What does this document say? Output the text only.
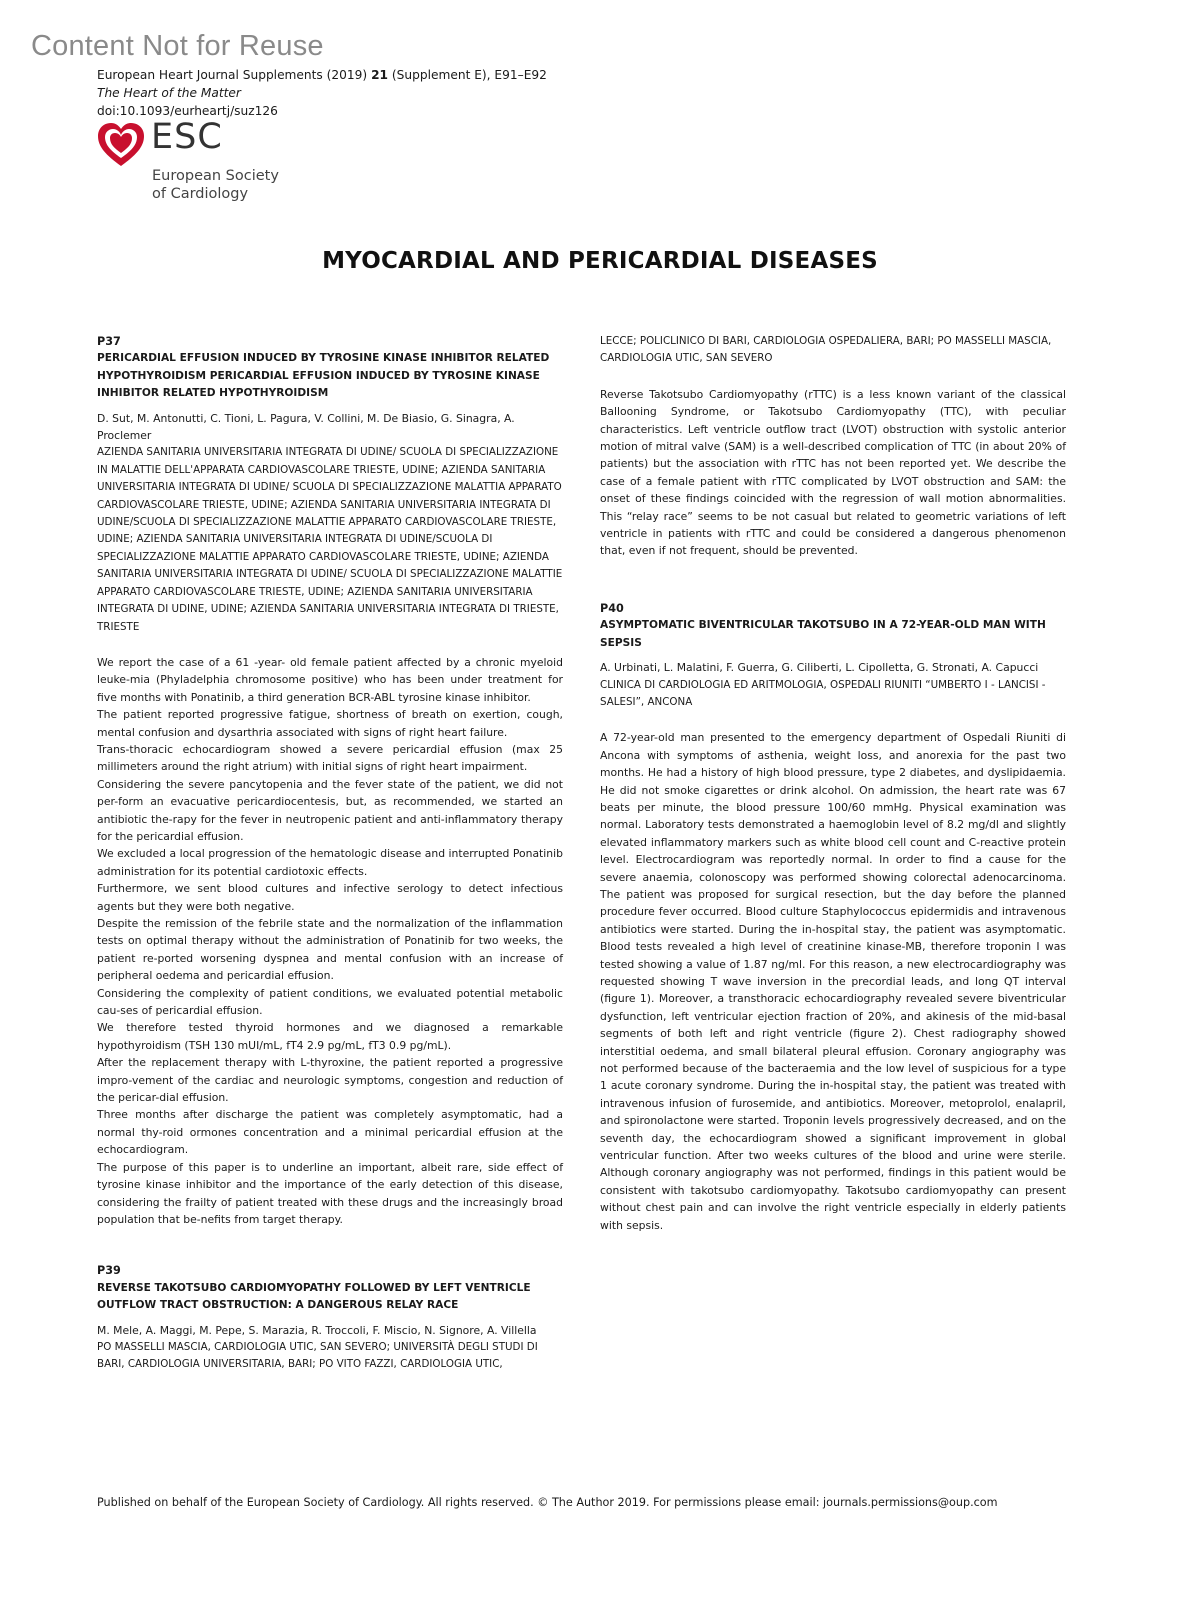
Content Not for Reuse
European Heart Journal Supplements (2019) 21 (Supplement E), E91–E92
The Heart of the Matter
doi:10.1093/eurheartj/suz126
ESC
European Society
of Cardiology
MYOCARDIAL AND PERICARDIAL DISEASES
P37
PERICARDIAL EFFUSION INDUCED BY TYROSINE KINASE INHIBITOR RELATED HYPOTHYROIDISM PERICARDIAL EFFUSION INDUCED BY TYROSINE KINASE INHIBITOR RELATED HYPOTHYROIDISM
D. Sut, M. Antonutti, C. Tioni, L. Pagura, V. Collini, M. De Biasio, G. Sinagra, A. Proclemer
AZIENDA SANITARIA UNIVERSITARIA INTEGRATA DI UDINE/ SCUOLA DI SPECIALIZZAZIONE IN MALATTIE DELL'APPARATA CARDIOVASCOLARE TRIESTE, UDINE; AZIENDA SANITARIA UNIVERSITARIA INTEGRATA DI UDINE/ SCUOLA DI SPECIALIZZAZIONE MALATTIA APPARATO CARDIOVASCOLARE TRIESTE, UDINE; AZIENDA SANITARIA UNIVERSITARIA INTEGRATA DI UDINE/SCUOLA DI SPECIALIZZAZIONE MALATTIE APPARATO CARDIOVASCOLARE TRIESTE, UDINE; AZIENDA SANITARIA UNIVERSITARIA INTEGRATA DI UDINE/SCUOLA DI SPECIALIZZAZIONE MALATTIE APPARATO CARDIOVASCOLARE TRIESTE, UDINE; AZIENDA SANITARIA UNIVERSITARIA INTEGRATA DI UDINE/ SCUOLA DI SPECIALIZZAZIONE MALATTIE APPARATO CARDIOVASCOLARE TRIESTE, UDINE; AZIENDA SANITARIA UNIVERSITARIA INTEGRATA DI UDINE, UDINE; AZIENDA SANITARIA UNIVERSITARIA INTEGRATA DI TRIESTE, TRIESTE

We report the case of a 61 -year- old female patient affected by a chronic myeloid leuke-mia (Phyladelphia chromosome positive) who has been under treatment for five months with Ponatinib, a third generation BCR-ABL tyrosine kinase inhibitor.

The patient reported progressive fatigue, shortness of breath on exertion, cough, mental confusion and dysarthria associated with signs of right heart failure.

Trans-thoracic echocardiogram showed a severe pericardial effusion (max 25 millimeters around the right atrium) with initial signs of right heart impairment.

Considering the severe pancytopenia and the fever state of the patient, we did not per-form an evacuative pericardiocentesis, but, as recommended, we started an antibiotic the-rapy for the fever in neutropenic patient and anti-inflammatory therapy for the pericardial effusion.

We excluded a local progression of the hematologic disease and interrupted Ponatinib administration for its potential cardiotoxic effects.

Furthermore, we sent blood cultures and infective serology to detect infectious agents but they were both negative.

Despite the remission of the febrile state and the normalization of the inflammation tests on optimal therapy without the administration of Ponatinib for two weeks, the patient re-ported worsening dyspnea and mental confusion with an increase of peripheral oedema and pericardial effusion.

Considering the complexity of patient conditions, we evaluated potential metabolic cau-ses of pericardial effusion.

We therefore tested thyroid hormones and we diagnosed a remarkable hypothyroidism (TSH 130 mUI/mL, fT4 2.9 pg/mL, fT3 0.9 pg/mL).

After the replacement therapy with L-thyroxine, the patient reported a progressive impro-vement of the cardiac and neurologic symptoms, congestion and reduction of the pericar-dial effusion.

Three months after discharge the patient was completely asymptomatic, had a normal thy-roid ormones concentration and a minimal pericardial effusion at the echocardiogram.

The purpose of this paper is to underline an important, albeit rare, side effect of tyrosine kinase inhibitor and the importance of the early detection of this disease, considering the frailty of patient treated with these drugs and the increasingly broad population that be-nefits from target therapy.

P39
REVERSE TAKOTSUBO CARDIOMYOPATHY FOLLOWED BY LEFT VENTRICLE OUTFLOW TRACT OBSTRUCTION: A DANGEROUS RELAY RACE
M. Mele, A. Maggi, M. Pepe, S. Marazia, R. Troccoli, F. Miscio, N. Signore, A. Villella
PO MASSELLI MASCIA, CARDIOLOGIA UTIC, SAN SEVERO; UNIVERSITÀ DEGLI STUDI DI BARI, CARDIOLOGIA UNIVERSITARIA, BARI; PO VITO FAZZI, CARDIOLOGIA UTIC,
LECCE; POLICLINICO DI BARI, CARDIOLOGIA OSPEDALIERA, BARI; PO MASSELLI MASCIA, CARDIOLOGIA UTIC, SAN SEVERO

Reverse Takotsubo Cardiomyopathy (rTTC) is a less known variant of the classical Ballooning Syndrome, or Takotsubo Cardiomyopathy (TTC), with peculiar characteristics. Left ventricle outflow tract (LVOT) obstruction with systolic anterior motion of mitral valve (SAM) is a well-described complication of TTC (in about 20% of patients) but the association with rTTC has not been reported yet. We describe the case of a female patient with rTTC complicated by LVOT obstruction and SAM: the onset of these findings coincided with the regression of wall motion abnormalities. This “relay race” seems to be not casual but related to geometric variations of left ventricle in patients with rTTC and could be considered a dangerous phenomenon that, even if not frequent, should be prevented.

P40
ASYMPTOMATIC BIVENTRICULAR TAKOTSUBO IN A 72-YEAR-OLD MAN WITH SEPSIS
A. Urbinati, L. Malatini, F. Guerra, G. Ciliberti, L. Cipolletta, G. Stronati, A. Capucci
CLINICA DI CARDIOLOGIA ED ARITMOLOGIA, OSPEDALI RIUNITI “UMBERTO I - LANCISI - SALESI”, ANCONA

A 72-year-old man presented to the emergency department of Ospedali Riuniti di Ancona with symptoms of asthenia, weight loss, and anorexia for the past two months. He had a history of high blood pressure, type 2 diabetes, and dyslipidaemia. He did not smoke cigarettes or drink alcohol. On admission, the heart rate was 67 beats per minute, the blood pressure 100/60 mmHg. Physical examination was normal. Laboratory tests demonstrated a haemoglobin level of 8.2 mg/dl and slightly elevated inflammatory markers such as white blood cell count and C-reactive protein level. Electrocardiogram was reportedly normal. In order to find a cause for the severe anaemia, colonoscopy was performed showing colorectal adenocarcinoma. The patient was proposed for surgical resection, but the day before the planned procedure fever occurred. Blood culture Staphylococcus epidermidis and intravenous antibiotics were started. During the in-hospital stay, the patient was asymptomatic. Blood tests revealed a high level of creatinine kinase-MB, therefore troponin I was tested showing a value of 1.87 ng/ml. For this reason, a new electrocardiography was requested showing T wave inversion in the precordial leads, and long QT interval (figure 1). Moreover, a transthoracic echocardiography revealed severe biventricular dysfunction, left ventricular ejection fraction of 20%, and akinesis of the mid-basal segments of both left and right ventricle (figure 2). Chest radiography showed interstitial oedema, and small bilateral pleural effusion. Coronary angiography was not performed because of the bacteraemia and the low level of suspicious for a type 1 acute coronary syndrome. During the in-hospital stay, the patient was treated with intravenous infusion of furosemide, and antibiotics. Moreover, metoprolol, enalapril, and spironolactone were started. Troponin levels progressively decreased, and on the seventh day, the echocardiogram showed a significant improvement in global ventricular function. After two weeks cultures of the blood and urine were sterile. Although coronary angiography was not performed, findings in this patient would be consistent with takotsubo cardiomyopathy. Takotsubo cardiomyopathy can present without chest pain and can involve the right ventricle especially in elderly patients with sepsis.

Published on behalf of the European Society of Cardiology. All rights reserved. © The Author 2019. For permissions please email: journals.permissions@oup.com
